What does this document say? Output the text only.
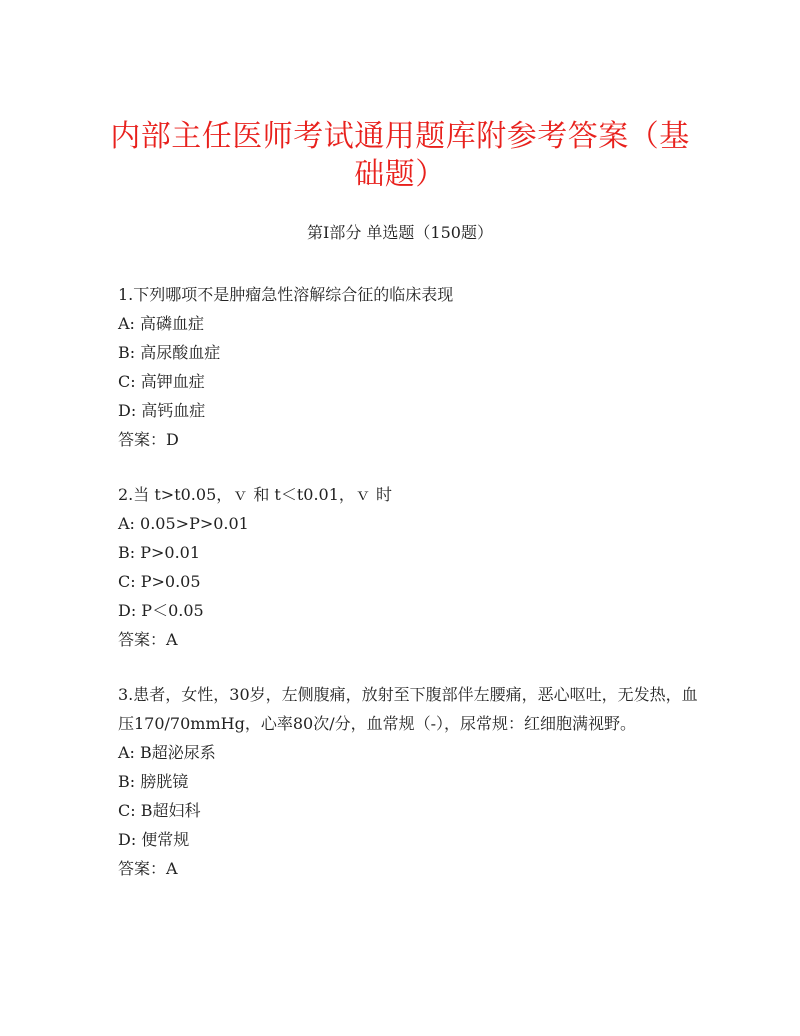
内部主任医师考试通用题库附参考答案（基础题）
第I部分 单选题（150题）
1.下列哪项不是肿瘤急性溶解综合征的临床表现
A: 高磷血症
B: 高尿酸血症
C: 高钾血症
D: 高钙血症
答案：D
2.当 t>t0.05，ｖ 和 t＜t0.01，ｖ 时
A: 0.05>P>0.01
B: P>0.01
C: P>0.05
D: P＜0.05
答案：A
3.患者，女性，30岁，左侧腹痛，放射至下腹部伴左腰痛，恶心呕吐，无发热，血压170/70mmHg，心率80次/分，血常规（-），尿常规：红细胞满视野。
A: B超泌尿系
B: 膀胱镜
C: B超妇科
D: 便常规
答案：A
